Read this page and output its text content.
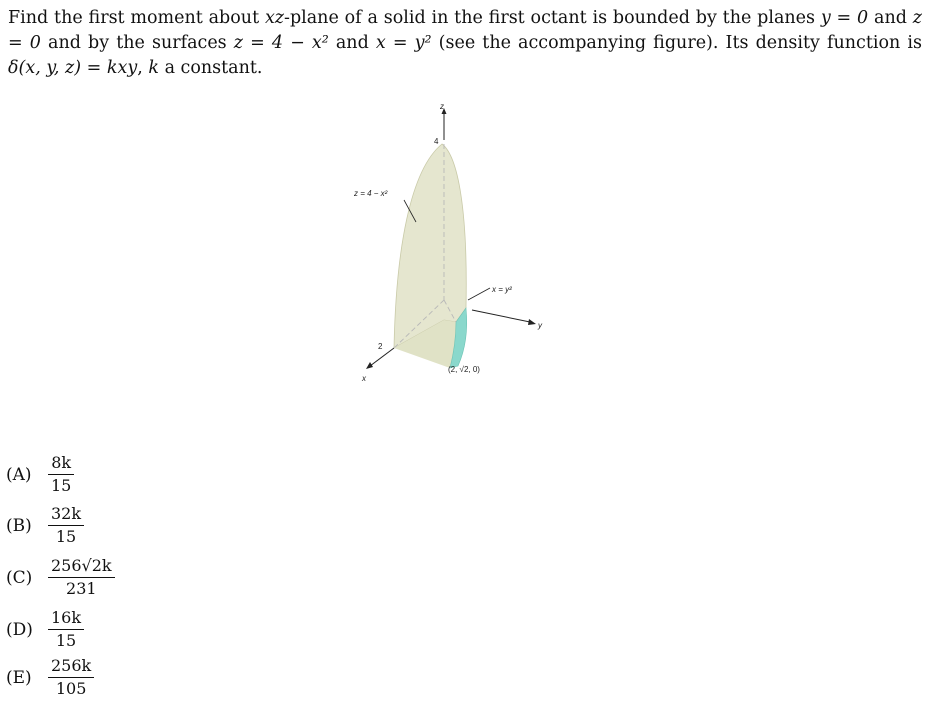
Find the first moment about xz-plane of a solid in the first octant is bounded by the planes y = 0 and z = 0 and by the surfaces z = 4 − x² and x = y² (see the accompanying figure). Its density function is δ(x, y, z) = kxy, k a constant.

z
4
y
x
2
z = 4 − x²
x = y²
(2, √2, 0)
(A)	$\frac{8k}{15}$
(B)	$\frac{32k}{15}$
$(C) \frac{256√2k}{231}$
$(D) \frac{16k}{15}$
(E)	$\frac{256k}{105}$
